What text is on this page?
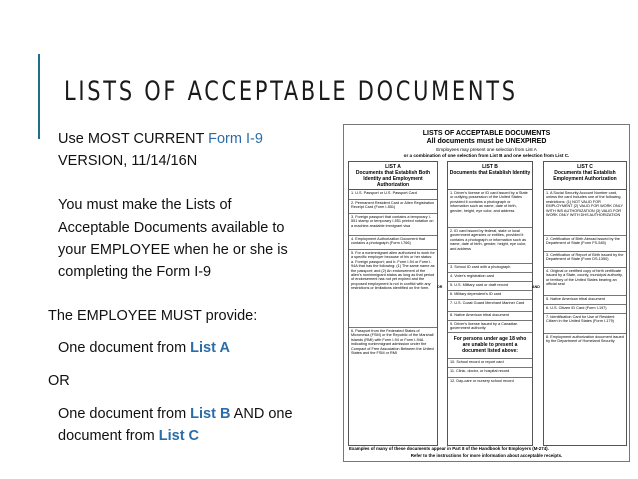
LISTS OF ACCEPTABLE DOCUMENTS
Use MOST CURRENT Form I-9
VERSION, 11/14/16N
You must make the Lists of
Acceptable Documents available to
your EMPLOYEE when he or she is
completing the Form I-9
The EMPLOYEE MUST provide:
One document from List A
OR
One document from List B AND one
document from List C
LISTS OF ACCEPTABLE DOCUMENTS
All documents must be UNEXPIRED
Employees may present one selection from List A
or a combination of one selection from List B and one selection from List C.
LIST A
Documents that Establish Both Identity and Employment Authorization
1. U.S. Passport or U.S. Passport Card
2. Permanent Resident Card or Alien Registration Receipt Card (Form I-551)
3. Foreign passport that contains a temporary I-551 stamp or temporary I-551 printed notation on a machine-readable immigrant visa
4. Employment Authorization Document that contains a photograph (Form I-766)
5. For a nonimmigrant alien authorized to work for a specific employer because of his or her status: a. Foreign passport; and b. Form I-94 or Form I-94A that has the following: (1) The same name as the passport; and (2) An endorsement of the alien's nonimmigrant status as long as that period of endorsement has not yet expired and the proposed employment is not in conflict with any restrictions or limitations identified on the form.
6. Passport from the Federated States of Micronesia (FSM) or the Republic of the Marshall Islands (RMI) with Form I-94 or Form I-94A indicating nonimmigrant admission under the Compact of Free Association Between the United States and the FSM or RMI
OR
LIST B
Documents that Establish Identity
1. Driver's license or ID card issued by a State or outlying possession of the United States provided it contains a photograph or information such as name, date of birth, gender, height, eye color, and address
2. ID card issued by federal, state or local government agencies or entities, provided it contains a photograph or information such as name, date of birth, gender, height, eye color, and address
3. School ID card with a photograph
4. Voter's registration card
5. U.S. Military card or draft record
6. Military dependent's ID card
7. U.S. Coast Guard Merchant Mariner Card
8. Native American tribal document
9. Driver's license issued by a Canadian government authority
For persons under age 18 who are unable to present a document listed above:
10. School record or report card
11. Clinic, doctor, or hospital record
12. Day-care or nursery school record
AND
LIST C
Documents that Establish Employment Authorization
1. A Social Security Account Number card, unless the card includes one of the following restrictions: (1) NOT VALID FOR EMPLOYMENT (2) VALID FOR WORK ONLY WITH INS AUTHORIZATION (3) VALID FOR WORK ONLY WITH DHS AUTHORIZATION
2. Certification of Birth Abroad issued by the Department of State (Form FS-545)
3. Certification of Report of Birth issued by the Department of State (Form DS-1350)
4. Original or certified copy of birth certificate issued by a State, county, municipal authority, or territory of the United States bearing an official seal
5. Native American tribal document
6. U.S. Citizen ID Card (Form I-197)
7. Identification Card for Use of Resident Citizen in the United States (Form I-179)
8. Employment authorization document issued by the Department of Homeland Security
Examples of many of these documents appear in Part 8 of the Handbook for Employers (M-274).
Refer to the instructions for more information about acceptable receipts.
